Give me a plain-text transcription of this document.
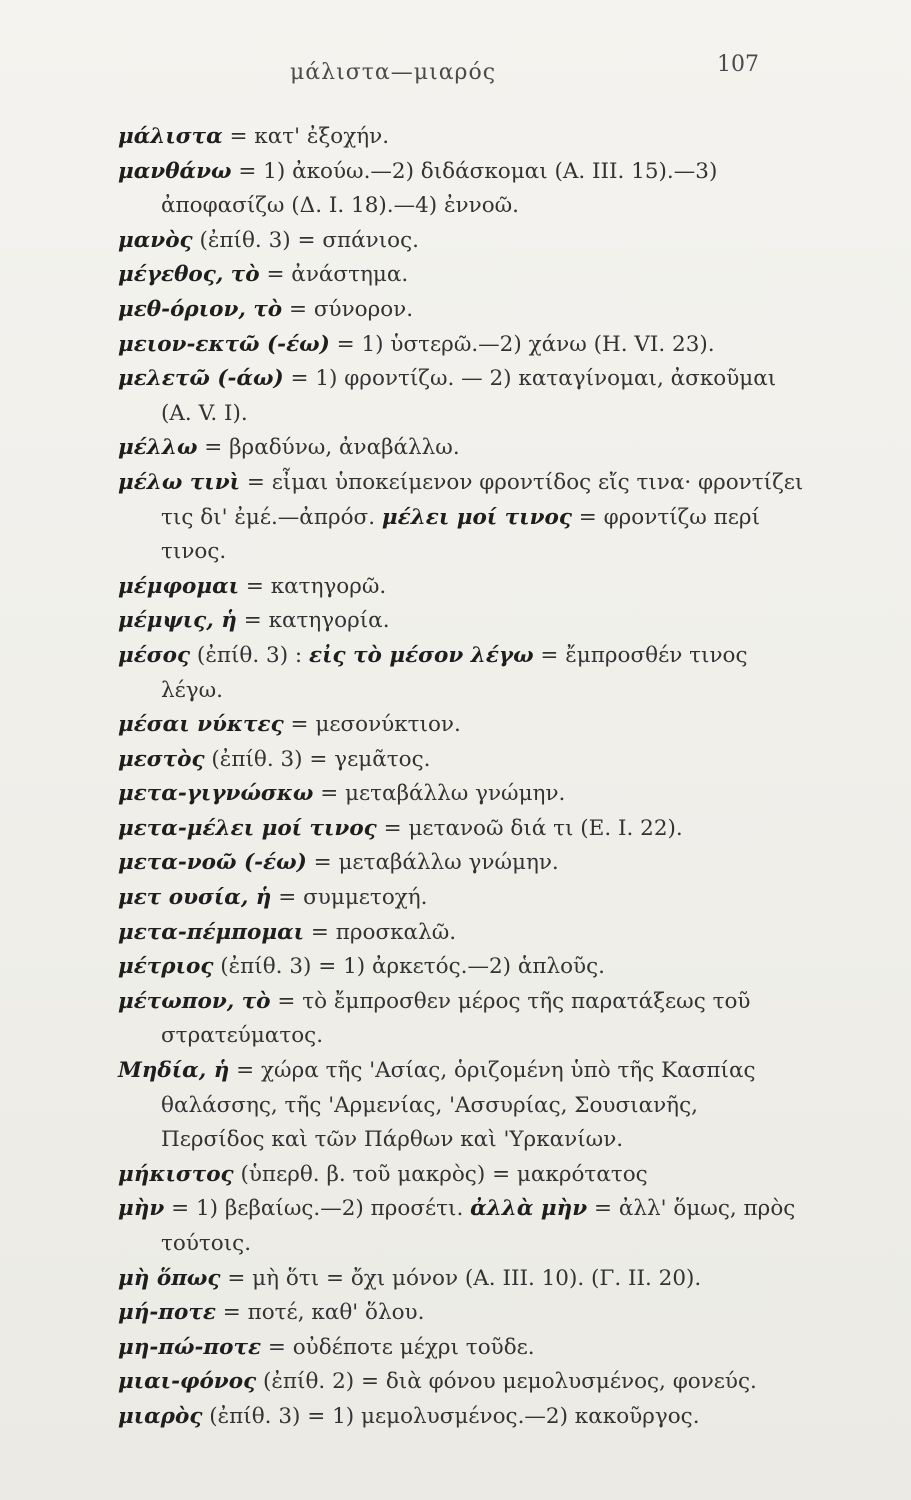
μάλιστα—μιαρός	107

μάλιστα = κατ' ἐξοχήν.

μανθάνω = 1) ἀκούω.—2) διδάσκομαι (Α. ΙΙΙ. 15).—3) ἀποφασίζω (Δ. Ι. 18).—4) ἐννοῶ.

μανὸς (ἐπίθ. 3) = σπάνιος.

μέγεθος, τὸ = ἀνάστημα.

μεθ-όριον, τὸ = σύνορον.

μειον-εκτῶ (-έω) = 1) ὑστερῶ.—2) χάνω (Η. VI. 23).

μελετῶ (-άω) = 1) φροντίζω. — 2) καταγίνομαι, ἀσκοῦμαι (Α. V. Ι).

μέλλω = βραδύνω, ἀναβάλλω.

μέλω τινὶ = εἶμαι ὑποκείμενον φροντίδος εἴς τινα· φροντίζει τις δι' ἐμέ.—ἀπρόσ. μέλει μοί τινος = φροντίζω περί τινος.

μέμφομαι = κατηγορῶ.

μέμψις, ἡ = κατηγορία.

μέσος (ἐπίθ. 3) : εἰς τὸ μέσον λέγω = ἔμπροσθέν τινος λέγω.

μέσαι νύκτες = μεσονύκτιον.

μεστὸς (ἐπίθ. 3) = γεμᾶτος.

μετα-γιγνώσκω = μεταβάλλω γνώμην.

μετα-μέλει μοί τινος = μετανοῶ διά τι (Ε. Ι. 22).

μετα-νοῶ (-έω) = μεταβάλλω γνώμην.

μετ ουσία, ἡ = συμμετοχή.

μετα-πέμπομαι = προσκαλῶ.

μέτριος (ἐπίθ. 3) = 1) ἀρκετός.—2) ἁπλοῦς.

μέτωπον, τὸ = τὸ ἔμπροσθεν μέρος τῆς παρατάξεως τοῦ στρατεύματος.

Μηδία, ἡ = χώρα τῆς 'Ασίας, ὁριζομένη ὑπὸ τῆς Κασπίας θαλάσσης, τῆς 'Αρμενίας, 'Ασσυρίας, Σουσιανῆς, Περσίδος καὶ τῶν Πάρθων καὶ 'Υρκανίων.

μήκιστος (ὑπερθ. β. τοῦ μακρὸς) = μακρότατος

μὴν = 1) βεβαίως.—2) προσέτι. ἀλλὰ μὴν = ἀλλ' ὅμως, πρὸς τούτοις.

μὴ ὅπως = μὴ ὅτι = ὄχι μόνον (Α. ΙΙΙ. 10). (Γ. ΙΙ. 20).

μή-ποτε = ποτέ, καθ' ὅλου.

μη-πώ-ποτε = οὐδέποτε μέχρι τοῦδε.

μιαι-φόνος (ἐπίθ. 2) = διὰ φόνου μεμολυσμένος, φονεύς.

μιαρὸς (ἐπίθ. 3) = 1) μεμολυσμένος.—2) κακοῦργος.
